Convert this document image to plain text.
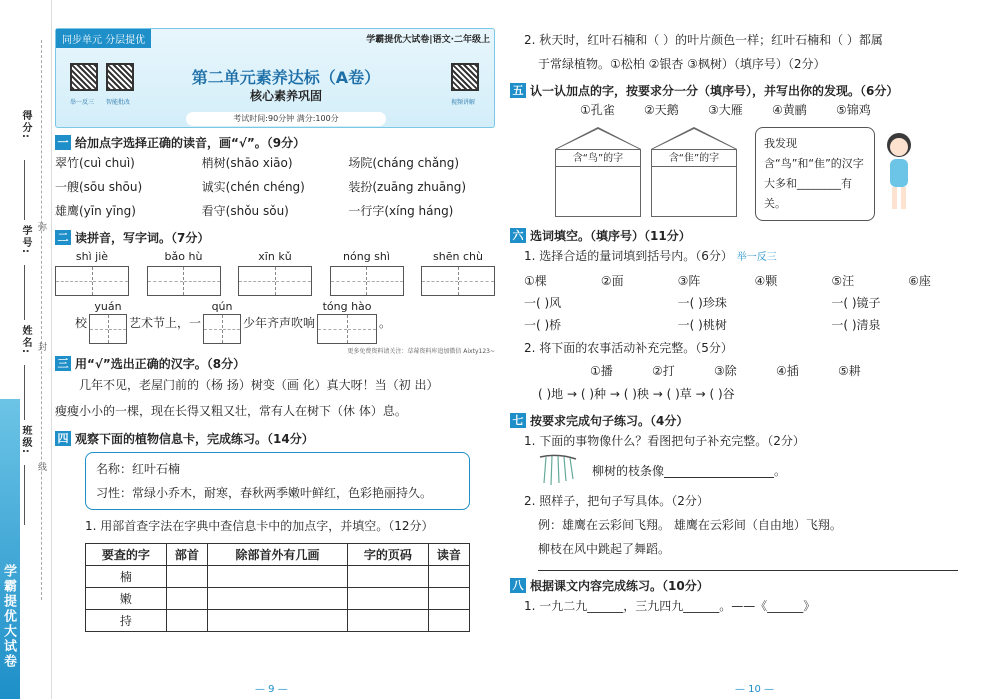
得分:
学号:
姓名:
班级:
弥
封
线
学霸提优大试卷
同步单元 分层提优	学霸提优大试卷|语文·二年级上
举一反三 智能批改	视频讲解
第二单元素养达标（A卷）
核心素养巩固
考试时间:90分钟 满分:100分
一 给加点字选择正确的读音，画“√”。（9分）
翠竹(cuì chuì)	梢树(shāo xiāo)	场院(cháng chǎng)
一艘(sōu shōu)	诚实(chén chéng)	装扮(zuāng zhuāng)
雄鹰(yīn yīng)	看守(shǒu sǒu)	一行字(xíng háng)
二 读拼音，写字词。（7分）
shì jiè	bǎo hù	xīn kǔ	nóng shì	shēn chù
校
yuán
艺术节上，一
qún
少年齐声吹响
tóng hào
。
更多免费资料请关注：草莓资料库追加微信 Aixty123~
三 用“√”选出正确的汉字。（8分）
几年不见，老屋门前的（杨 扬）树变（画 化）真大呀！当（初 出）
瘦瘦小小的一棵，现在长得又粗又壮，常有人在树下（休 体）息。
四 观察下面的植物信息卡，完成练习。（14分）
名称：红叶石楠
习性：常绿小乔木，耐寒，春秋两季嫩叶鲜红，色彩艳丽持久。
1. 用部首查字法在字典中查信息卡中的加点字，并填空。（12分）
要查的字	部首	除部首外有几画	字的页码	读音
楠				
嫩				
持				
— 9 —
2. 秋天时，红叶石楠和（ ）的叶片颜色一样；红叶石楠和（ ）都属
于常绿植物。①松柏 ②银杏 ③枫树）（填序号）（2分）
五 认一认加点的字，按要求分一分（填序号），并写出你的发现。（6分）
①孔雀	②天鹅	③大雁	④黄鹂	⑤锦鸡
含“鸟”的字	含“隹”的字
我发现含“鸟”和“隹”的汉字大多和________有关。
六 选词填空。（填序号）（11分）
1. 选择合适的量词填到括号内。（6分） 举一反三
①棵	②面	③阵	④颗	⑤汪	⑥座
一( )风	一( )珍珠	一( )镜子
一( )桥	一( )桃树	一( )清泉
2. 将下面的农事活动补充完整。（5分）
①播	②打	③除	④插	⑤耕
( )地 → ( )种 → ( )秧 → ( )草 → ( )谷
七 按要求完成句子练习。（4分）
1. 下面的事物像什么？看图把句子补充完整。（2分）
柳树的枝条像	。
2. 照样子，把句子写具体。（2分）
例：雄鹰在云彩间飞翔。 雄鹰在云彩间（自由地）飞翔。
柳枝在风中跳起了舞蹈。
八 根据课文内容完成练习。（10分）
1. 一九二九______，三九四九______。——《______》
— 10 —
